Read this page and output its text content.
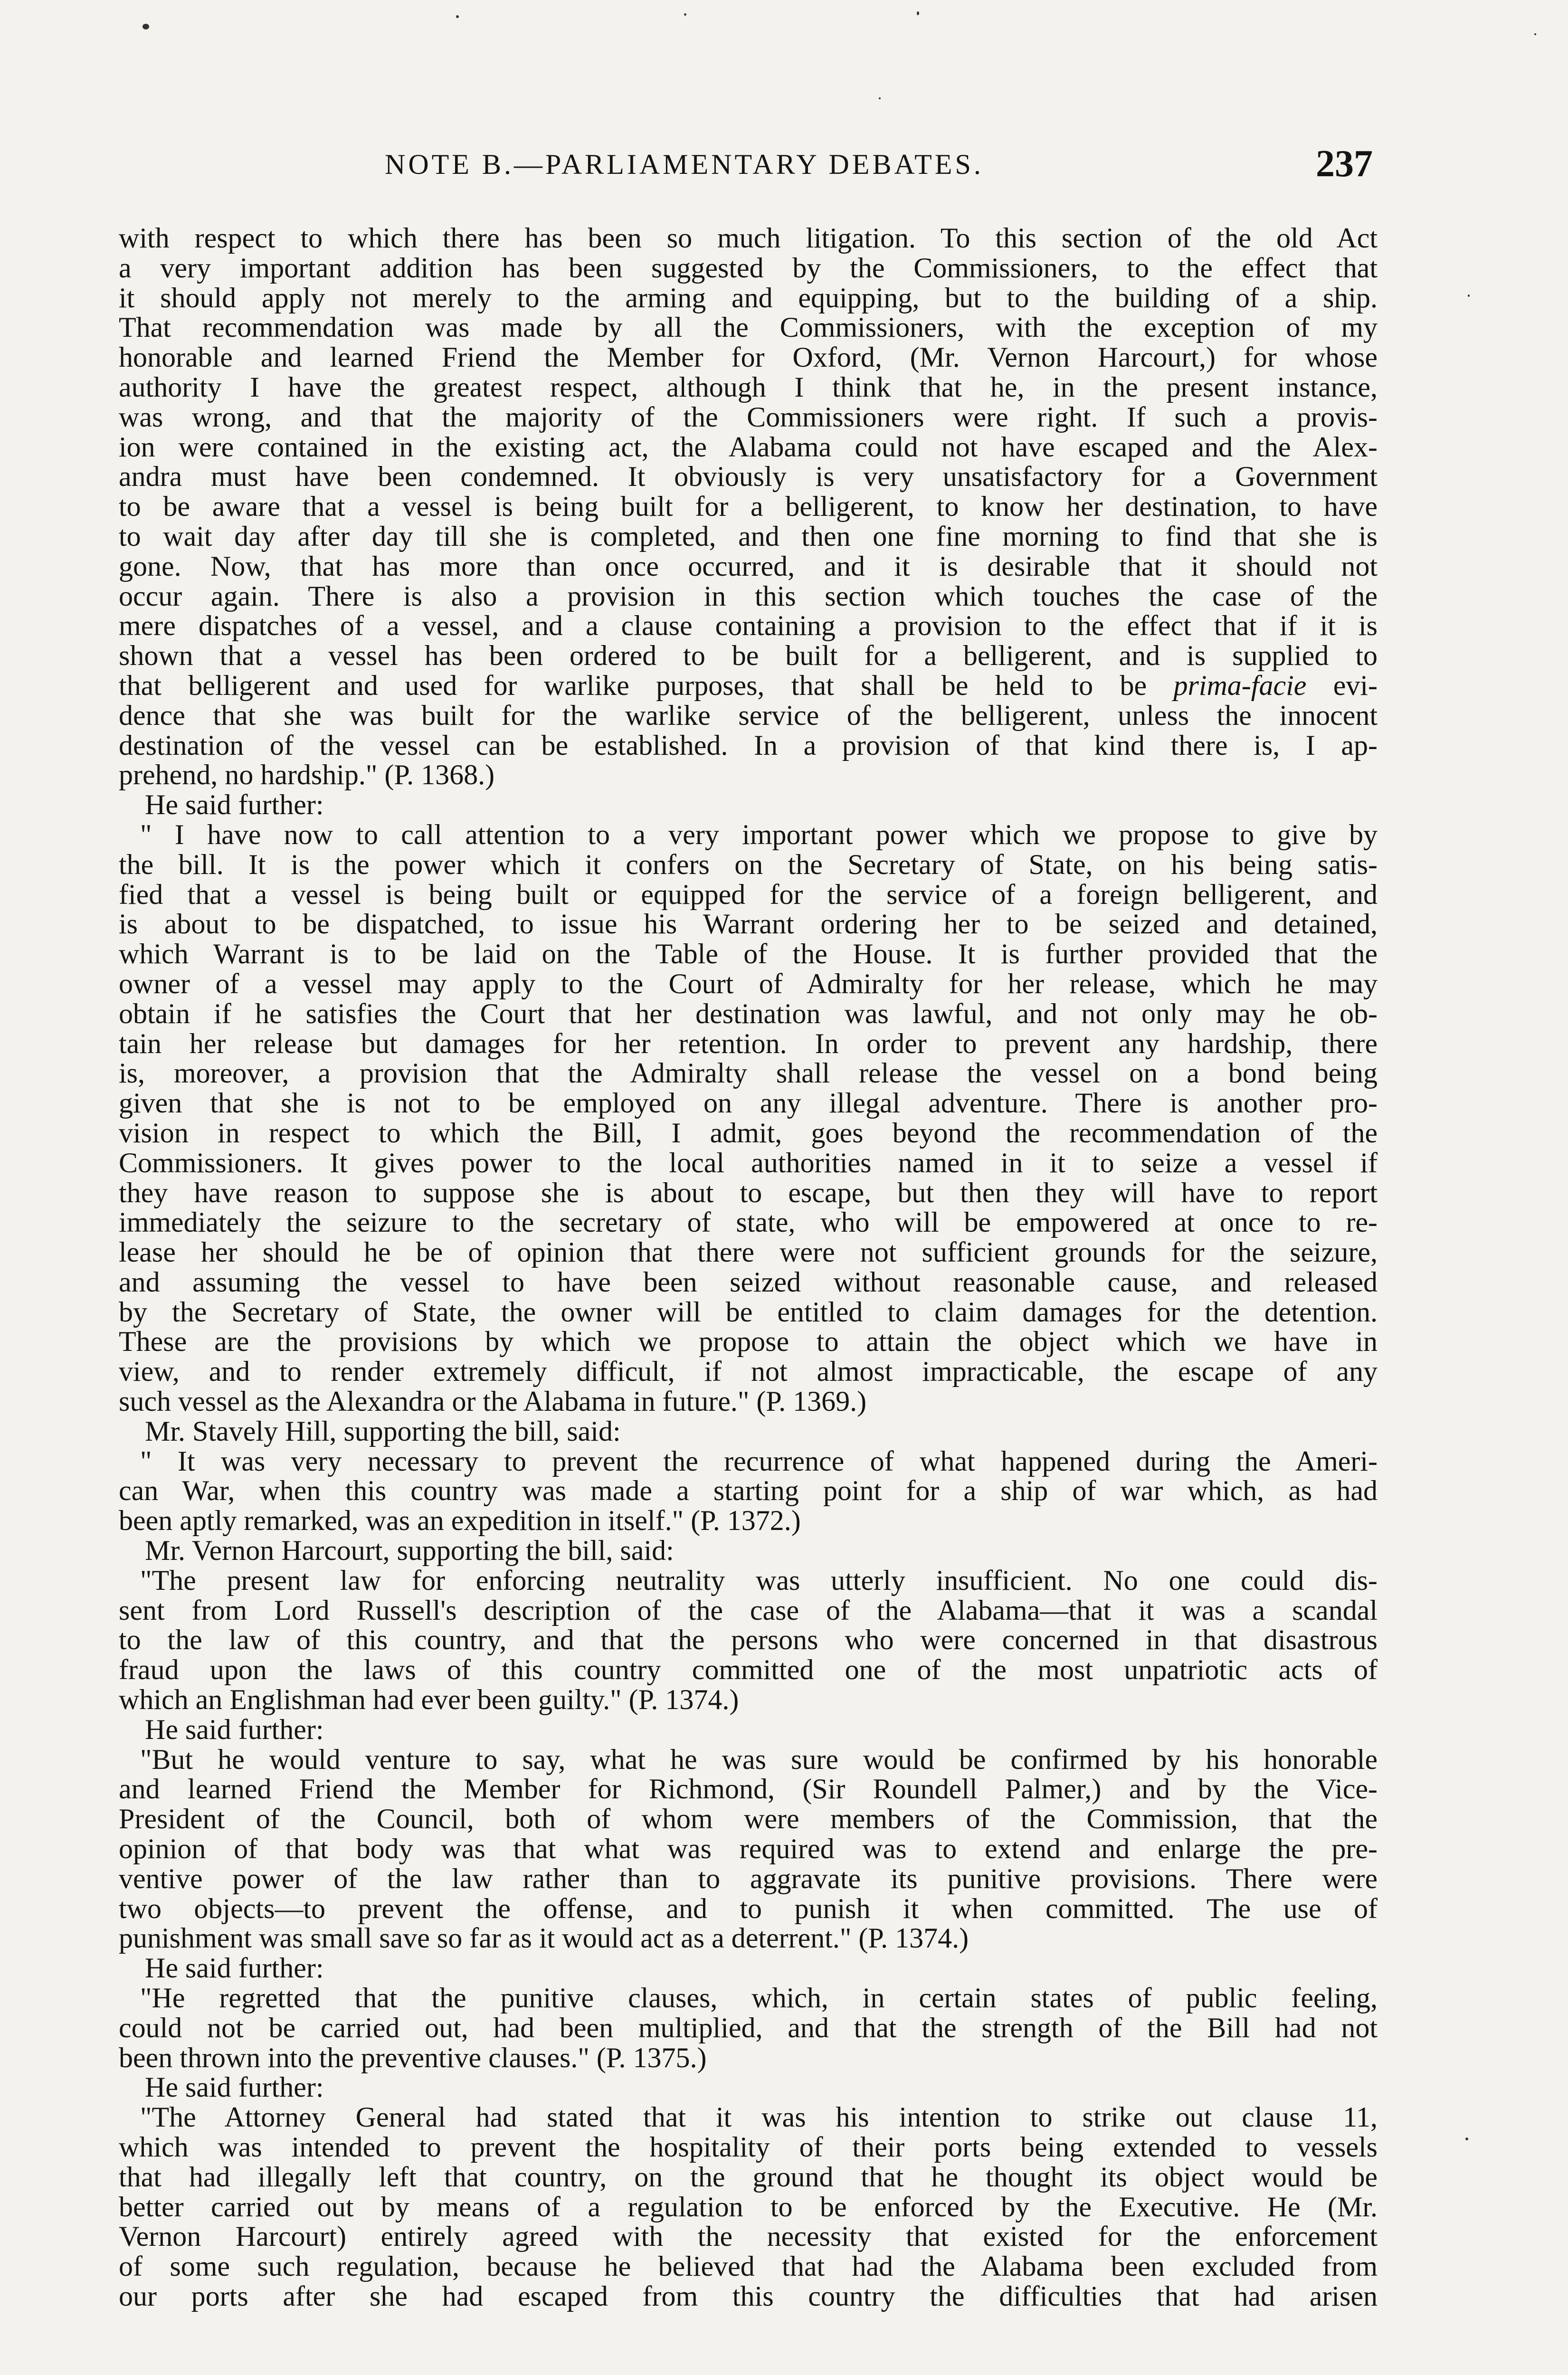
NOTE B.—PARLIAMENTARY DEBATES.	237
with respect to which there has been so much litigation. To this section of the old Act
a very important addition has been suggested by the Commissioners, to the effect that
it should apply not merely to the arming and equipping, but to the building of a ship.
That recommendation was made by all the Commissioners, with the exception of my
honorable and learned Friend the Member for Oxford, (Mr. Vernon Harcourt,) for whose
authority I have the greatest respect, although I think that he, in the present instance,
was wrong, and that the majority of the Commissioners were right. If such a provis-
ion were contained in the existing act, the Alabama could not have escaped and the Alex-
andra must have been condemned. It obviously is very unsatisfactory for a Government
to be aware that a vessel is being built for a belligerent, to know her destination, to have
to wait day after day till she is completed, and then one fine morning to find that she is
gone. Now, that has more than once occurred, and it is desirable that it should not
occur again. There is also a provision in this section which touches the case of the
mere dispatches of a vessel, and a clause containing a provision to the effect that if it is
shown that a vessel has been ordered to be built for a belligerent, and is supplied to
that belligerent and used for warlike purposes, that shall be held to be prima-facie evi-
dence that she was built for the warlike service of the belligerent, unless the innocent
destination of the vessel can be established. In a provision of that kind there is, I ap-
prehend, no hardship." (P. 1368.)
He said further:
" I have now to call attention to a very important power which we propose to give by
the bill. It is the power which it confers on the Secretary of State, on his being satis-
fied that a vessel is being built or equipped for the service of a foreign belligerent, and
is about to be dispatched, to issue his Warrant ordering her to be seized and detained,
which Warrant is to be laid on the Table of the House. It is further provided that the
owner of a vessel may apply to the Court of Admiralty for her release, which he may
obtain if he satisfies the Court that her destination was lawful, and not only may he ob-
tain her release but damages for her retention. In order to prevent any hardship, there
is, moreover, a provision that the Admiralty shall release the vessel on a bond being
given that she is not to be employed on any illegal adventure. There is another pro-
vision in respect to which the Bill, I admit, goes beyond the recommendation of the
Commissioners. It gives power to the local authorities named in it to seize a vessel if
they have reason to suppose she is about to escape, but then they will have to report
immediately the seizure to the secretary of state, who will be empowered at once to re-
lease her should he be of opinion that there were not sufficient grounds for the seizure,
and assuming the vessel to have been seized without reasonable cause, and released
by the Secretary of State, the owner will be entitled to claim damages for the detention.
These are the provisions by which we propose to attain the object which we have in
view, and to render extremely difficult, if not almost impracticable, the escape of any
such vessel as the Alexandra or the Alabama in future." (P. 1369.)
Mr. Stavely Hill, supporting the bill, said:
" It was very necessary to prevent the recurrence of what happened during the Ameri-
can War, when this country was made a starting point for a ship of war which, as had
been aptly remarked, was an expedition in itself." (P. 1372.)
Mr. Vernon Harcourt, supporting the bill, said:
"The present law for enforcing neutrality was utterly insufficient. No one could dis-
sent from Lord Russell's description of the case of the Alabama—that it was a scandal
to the law of this country, and that the persons who were concerned in that disastrous
fraud upon the laws of this country committed one of the most unpatriotic acts of
which an Englishman had ever been guilty." (P. 1374.)
He said further:
"But he would venture to say, what he was sure would be confirmed by his honorable
and learned Friend the Member for Richmond, (Sir Roundell Palmer,) and by the Vice-
President of the Council, both of whom were members of the Commission, that the
opinion of that body was that what was required was to extend and enlarge the pre-
ventive power of the law rather than to aggravate its punitive provisions. There were
two objects—to prevent the offense, and to punish it when committed. The use of
punishment was small save so far as it would act as a deterrent." (P. 1374.)
He said further:
"He regretted that the punitive clauses, which, in certain states of public feeling,
could not be carried out, had been multiplied, and that the strength of the Bill had not
been thrown into the preventive clauses." (P. 1375.)
He said further:
"The Attorney General had stated that it was his intention to strike out clause 11,
which was intended to prevent the hospitality of their ports being extended to vessels
that had illegally left that country, on the ground that he thought its object would be
better carried out by means of a regulation to be enforced by the Executive. He (Mr.
Vernon Harcourt) entirely agreed with the necessity that existed for the enforcement
of some such regulation, because he believed that had the Alabama been excluded from
our ports after she had escaped from this country the difficulties that had arisen
